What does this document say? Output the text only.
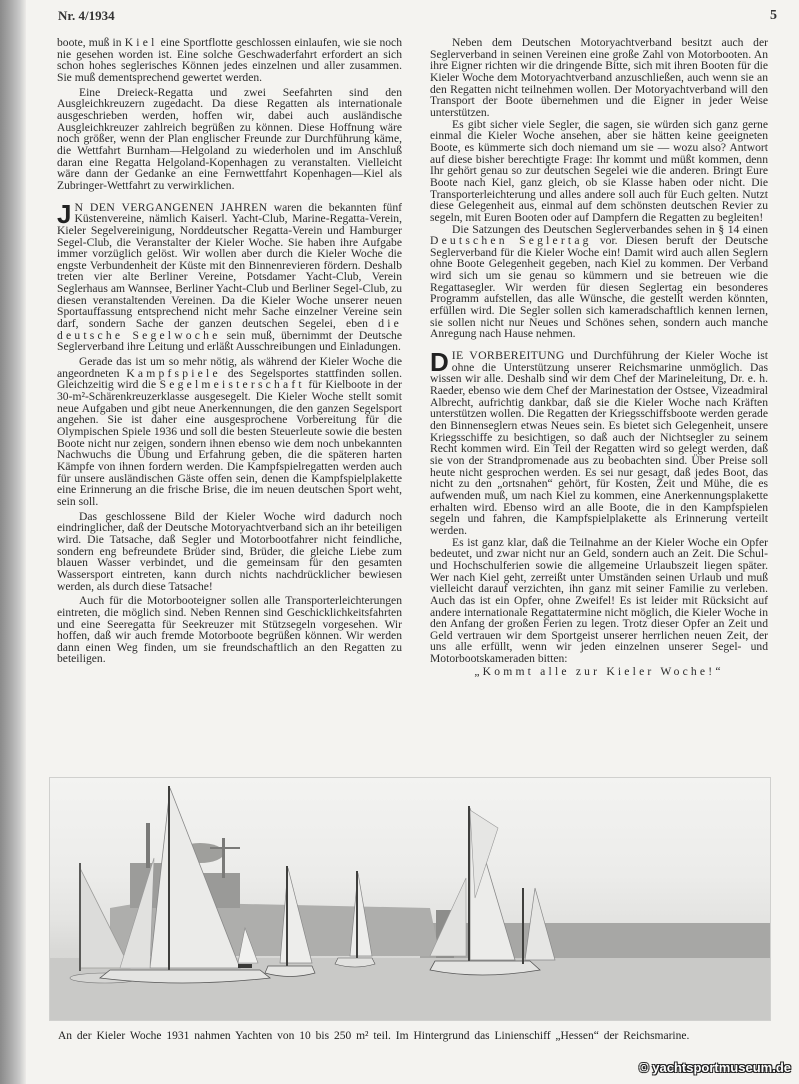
Nr. 4/1934	5

boote, muß in Kiel eine Sportflotte geschlossen einlaufen, wie sie noch nie gesehen worden ist. Eine solche Geschwaderfahrt erfordert an sich schon hohes seglerisches Können jedes einzelnen und aller zusammen. Sie muß dementsprechend gewertet werden.

Eine Dreieck-Regatta und zwei Seefahrten sind den Ausgleichkreuzern zugedacht. Da diese Regatten als internationale ausgeschrieben werden, hoffen wir, dabei auch ausländische Ausgleichkreuzer zahlreich begrüßen zu können. Diese Hoffnung wäre noch größer, wenn der Plan englischer Freunde zur Durchführung käme, die Wettfahrt Burnham—Helgoland zu wiederholen und im Anschluß daran eine Regatta Helgoland-Kopenhagen zu veranstalten. Vielleicht wäre dann der Gedanke an eine Fernwettfahrt Kopenhagen—Kiel als Zubringer-Wettfahrt zu verwirklichen.

J N DEN VERGANGENEN JAHREN waren die bekannten fünf Küstenvereine, nämlich Kaiserl. Yacht-Club, Marine-Regatta-Verein, Kieler Segelvereinigung, Norddeutscher Regatta-Verein und Hamburger Segel-Club, die Veranstalter der Kieler Woche. Sie haben ihre Aufgabe immer vorzüglich gelöst. Wir wollen aber durch die Kieler Woche die engste Verbundenheit der Küste mit den Binnenrevieren fördern. Deshalb treten vier alte Berliner Vereine, Potsdamer Yacht-Club, Verein Seglerhaus am Wannsee, Berliner Yacht-Club und Berliner Segel-Club, zu diesen veranstaltenden Vereinen. Da die Kieler Woche unserer neuen Sportauffassung entsprechend nicht mehr Sache einzelner Vereine sein darf, sondern Sache der ganzen deutschen Segelei, eben die deutsche Segelwoche sein muß, übernimmt der Deutsche Seglerverband ihre Leitung und erläßt Ausschreibungen und Einladungen.

Gerade das ist um so mehr nötig, als während der Kieler Woche die angeordneten Kampfspiele des Segelsportes stattfinden sollen. Gleichzeitig wird die Segelmeisterschaft für Kielboote in der 30-m²-Schärenkreuzerklasse ausgesegelt. Die Kieler Woche stellt somit neue Aufgaben und gibt neue Anerkennungen, die den ganzen Segelsport angehen. Sie ist daher eine ausgesprochene Vorbereitung für die Olympischen Spiele 1936 und soll die besten Steuerleute sowie die besten Boote nicht nur zeigen, sondern ihnen ebenso wie dem noch unbekannten Nachwuchs die Übung und Erfahrung geben, die die späteren harten Kämpfe von ihnen fordern werden. Die Kampfspielregatten werden auch für unsere ausländischen Gäste offen sein, denen die Kampfspielplakette eine Erinnerung an die frische Brise, die im neuen deutschen Sport weht, sein soll.

Das geschlossene Bild der Kieler Woche wird dadurch noch eindringlicher, daß der Deutsche Motoryachtverband sich an ihr beteiligen wird. Die Tatsache, daß Segler und Motorbootfahrer nicht feindliche, sondern eng befreundete Brüder sind, Brüder, die gleiche Liebe zum blauen Wasser verbindet, und die gemeinsam für den gesamten Wassersport eintreten, kann durch nichts nachdrücklicher bewiesen werden, als durch diese Tatsache!

Auch für die Motorbooteigner sollen alle Transporterleichterungen eintreten, die möglich sind. Neben Rennen sind Geschicklichkeitsfahrten und eine Seeregatta für Seekreuzer mit Stützsegeln vorgesehen. Wir hoffen, daß wir auch fremde Motorboote begrüßen können. Wir werden dann einen Weg finden, um sie freundschaftlich an den Regatten zu beteiligen.

Neben dem Deutschen Motoryachtverband besitzt auch der Seglerverband in seinen Vereinen eine große Zahl von Motorbooten. An ihre Eigner richten wir die dringende Bitte, sich mit ihren Booten für die Kieler Woche dem Motoryachtverband anzuschließen, auch wenn sie an den Regatten nicht teilnehmen wollen. Der Motoryachtverband will den Transport der Boote übernehmen und die Eigner in jeder Weise unterstützen.

Es gibt sicher viele Segler, die sagen, sie würden sich ganz gerne einmal die Kieler Woche ansehen, aber sie hätten keine geeigneten Boote, es kümmerte sich doch niemand um sie — wozu also? Antwort auf diese bisher berechtigte Frage: Ihr kommt und müßt kommen, denn Ihr gehört genau so zur deutschen Segelei wie die anderen. Bringt Eure Boote nach Kiel, ganz gleich, ob sie Klasse haben oder nicht. Die Transporterleichterung und alles andere soll auch für Euch gelten. Nutzt diese Gelegenheit aus, einmal auf dem schönsten deutschen Revier zu segeln, mit Euren Booten oder auf Dampfern die Regatten zu begleiten!

Die Satzungen des Deutschen Seglerverbandes sehen in § 14 einen Deutschen Seglertag vor. Diesen beruft der Deutsche Seglerverband für die Kieler Woche ein! Damit wird auch allen Seglern ohne Boote Gelegenheit gegeben, nach Kiel zu kommen. Der Verband wird sich um sie genau so kümmern und sie betreuen wie die Regattasegler. Wir werden für diesen Seglertag ein besonderes Programm aufstellen, das alle Wünsche, die gestellt werden könnten, erfüllen wird. Die Segler sollen sich kameradschaftlich kennen lernen, sie sollen nicht nur Neues und Schönes sehen, sondern auch manche Anregung nach Hause nehmen.

DIE VORBEREITUNG und Durchführung der Kieler Woche ist ohne die Unterstützung unserer Reichsmarine unmöglich. Das wissen wir alle. Deshalb sind wir dem Chef der Marineleitung, Dr. e. h. Raeder, ebenso wie dem Chef der Marinestation der Ostsee, Vizeadmiral Albrecht, aufrichtig dankbar, daß sie die Kieler Woche nach Kräften unterstützen wollen. Die Regatten der Kriegsschiffsboote werden gerade den Binnenseglern etwas Neues sein. Es bietet sich Gelegenheit, unsere Kriegsschiffe zu besichtigen, so daß auch der Nichtsegler zu seinem Recht kommen wird. Ein Teil der Regatten wird so gelegt werden, daß sie von der Strandpromenade aus zu beobachten sind. Über Preise soll heute nicht gesprochen werden. Es sei nur gesagt, daß jedes Boot, das nicht zu den „ortsnahen“ gehört, für Kosten, Zeit und Mühe, die es aufwenden muß, um nach Kiel zu kommen, eine Anerkennungsplakette erhalten wird. Ebenso wird an alle Boote, die in den Kampfspielen segeln und fahren, die Kampfspielplakette als Erinnerung verteilt werden.

Es ist ganz klar, daß die Teilnahme an der Kieler Woche ein Opfer bedeutet, und zwar nicht nur an Geld, sondern auch an Zeit. Die Schul- und Hochschulferien sowie die allgemeine Urlaubszeit liegen später. Wer nach Kiel geht, zerreißt unter Umständen seinen Urlaub und muß vielleicht darauf verzichten, ihn ganz mit seiner Familie zu verleben. Auch das ist ein Opfer, ohne Zweifel! Es ist leider mit Rücksicht auf andere internationale Regattatermine nicht möglich, die Kieler Woche in den Anfang der großen Ferien zu legen. Trotz dieser Opfer an Zeit und Geld vertrauen wir dem Sportgeist unserer herrlichen neuen Zeit, der uns alle erfüllt, wenn wir jeden einzelnen unserer Segel- und Motorbootskameraden bitten:

„Kommt alle zur Kieler Woche!“

An der Kieler Woche 1931 nahmen Yachten von 10 bis 250 m² teil. Im Hintergrund das Linienschiff „Hessen“ der Reichsmarine.
© yachtsportmuseum.de
